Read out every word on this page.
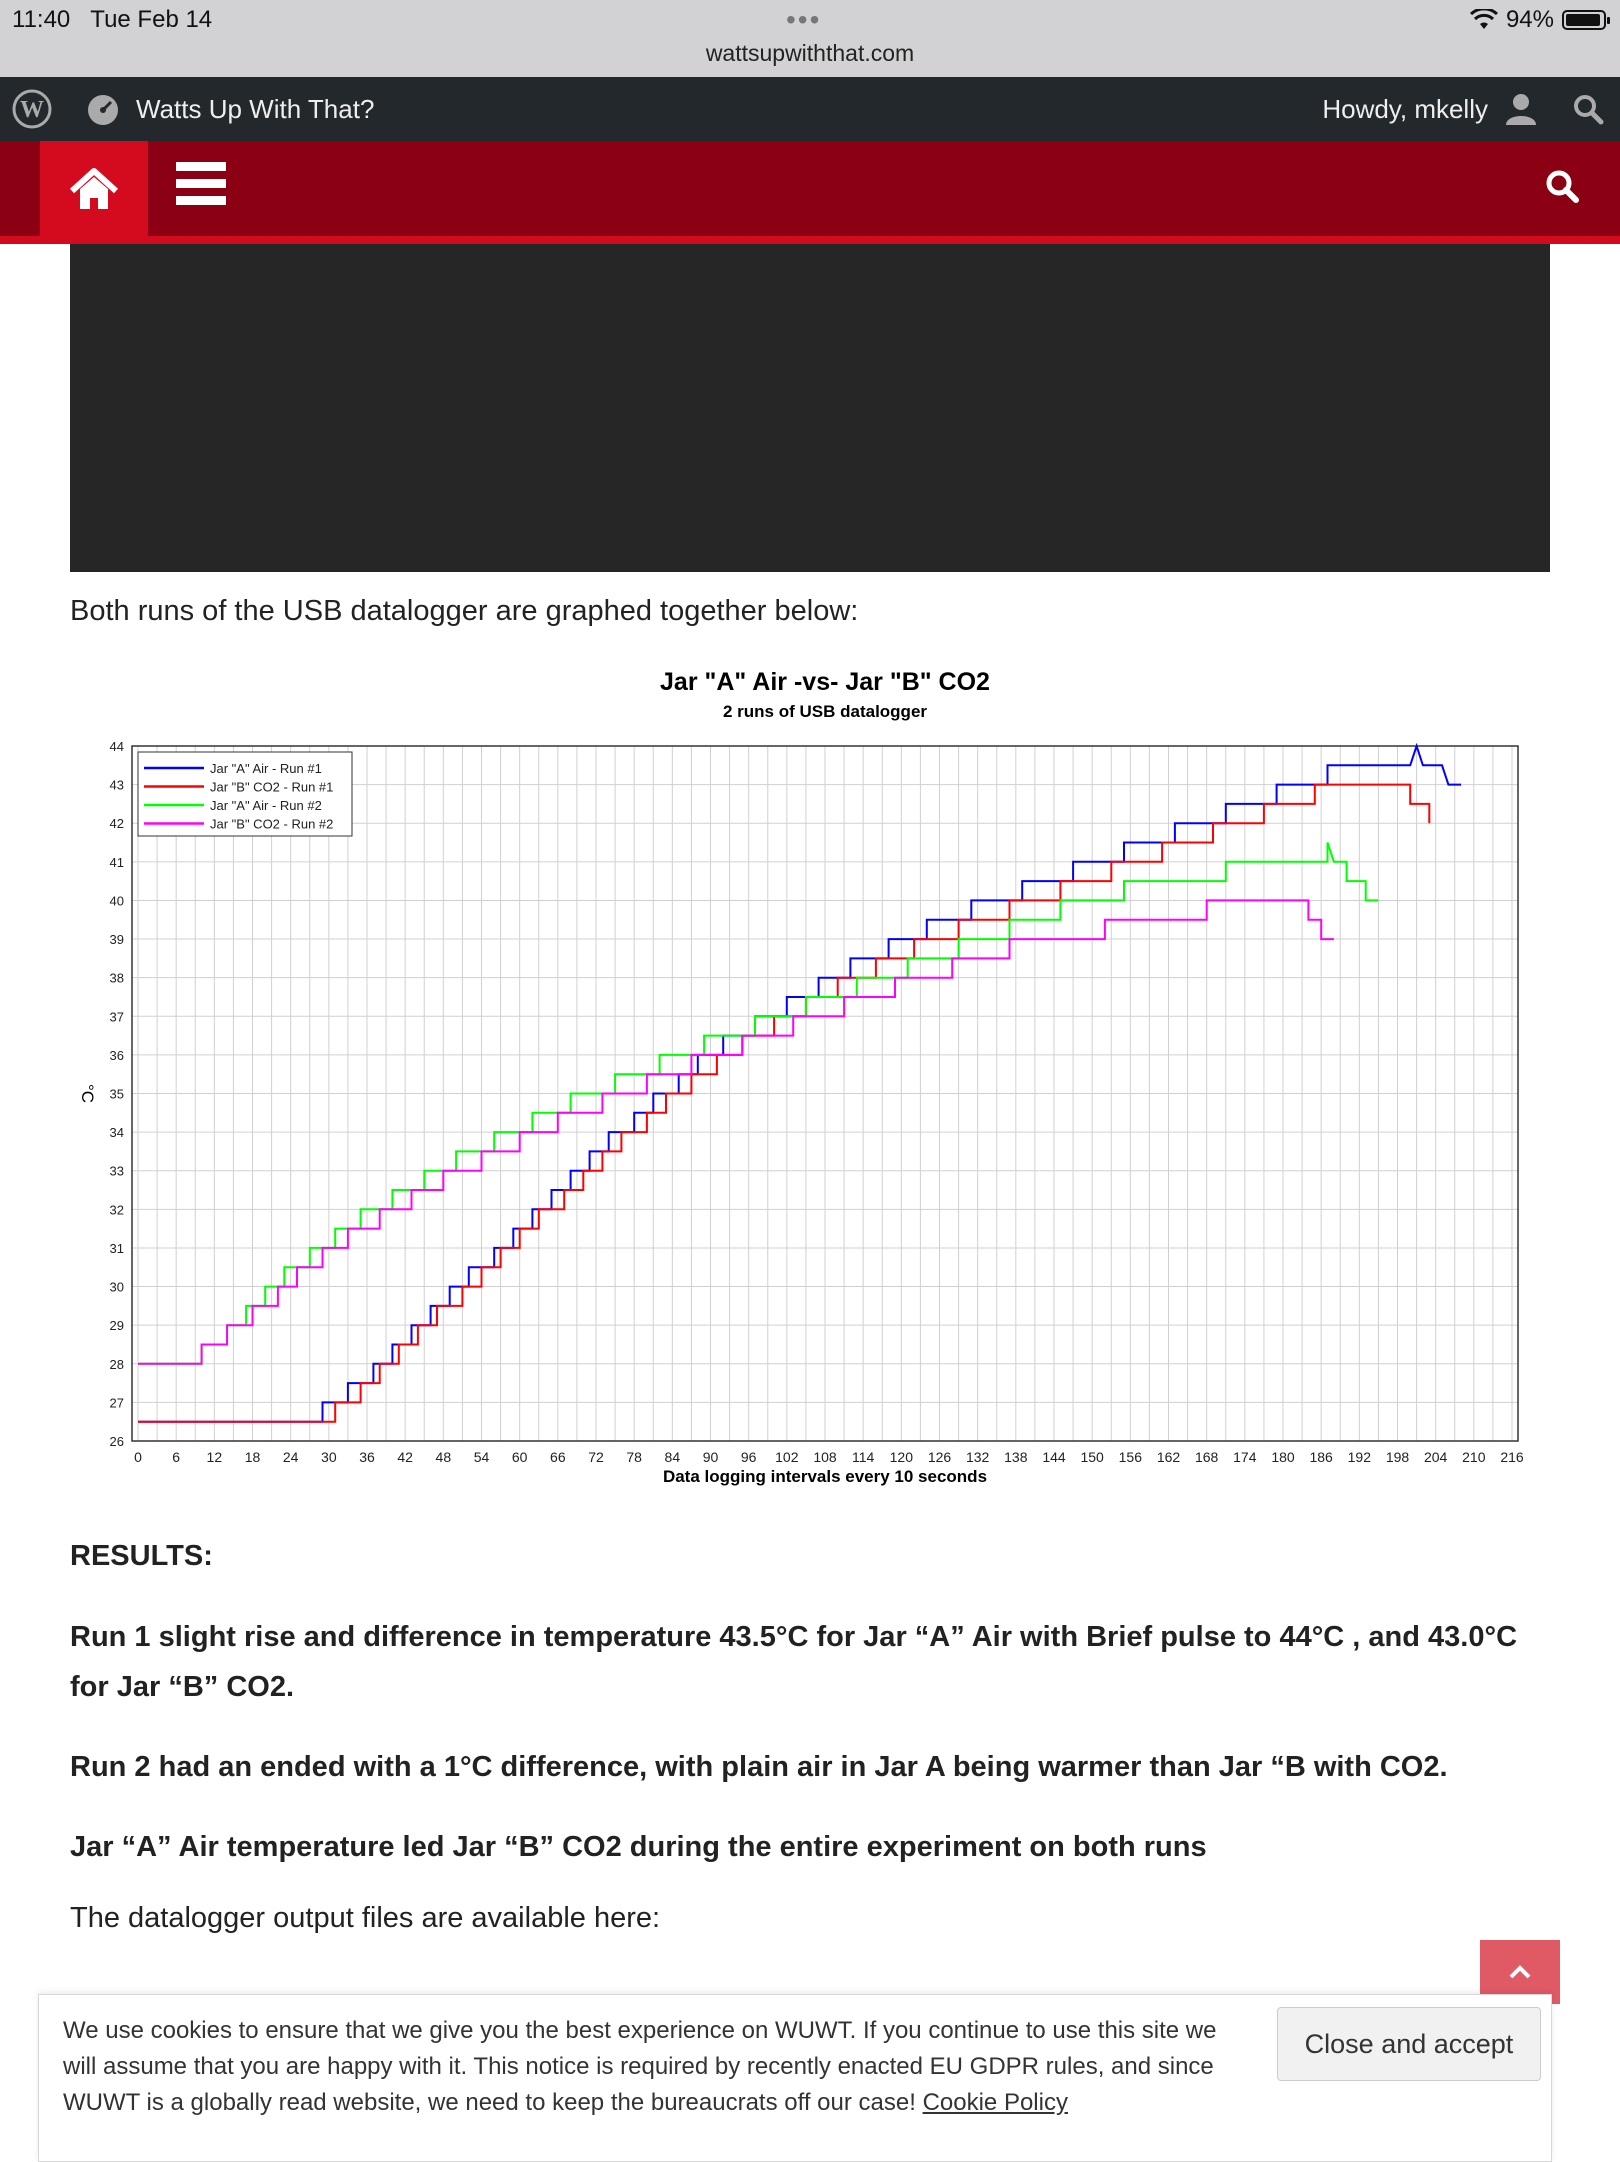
11:40 Tue Feb 14	•••
wattsupwiththat.com
94%
W	Watts Up With That?	Howdy, mkelly
Both runs of the USB datalogger are graphed together below:
26
27
28
29
30
31
32
33
34
35
36
37
38
39
40
41
42
43
44
0 6 12 18 24 30 36 42 48 54 60 66 72 78 84 90 96 102 108 114 120 126 132 138 144 150 156 162 168 174 180 186 192 198 204 210 216
Data logging intervals every 10 seconds
°C
Jar "A" Air - Run #1
Jar "B" CO2 - Run #1
Jar "A" Air - Run #2
Jar "B" CO2 - Run #2
Jar "A" Air -vs- Jar "B" CO2
2 runs of USB datalogger
RESULTS:
Run 1 slight rise and difference in temperature 43.5°C for Jar “A” Air with Brief pulse to 44°C , and 43.0°C for Jar “B” CO2.
Run 2 had an ended with a 1°C difference, with plain air in Jar A being warmer than Jar “B with CO2.
Jar “A” Air temperature led Jar “B” CO2 during the entire experiment on both runs
The datalogger output files are available here:
We use cookies to ensure that we give you the best experience on WUWT. If you continue to use this site we will assume that you are happy with it. This notice is required by recently enacted EU GDPR rules, and since WUWT is a globally read website, we need to keep the bureaucrats off our case! Cookie Policy
Close and accept
